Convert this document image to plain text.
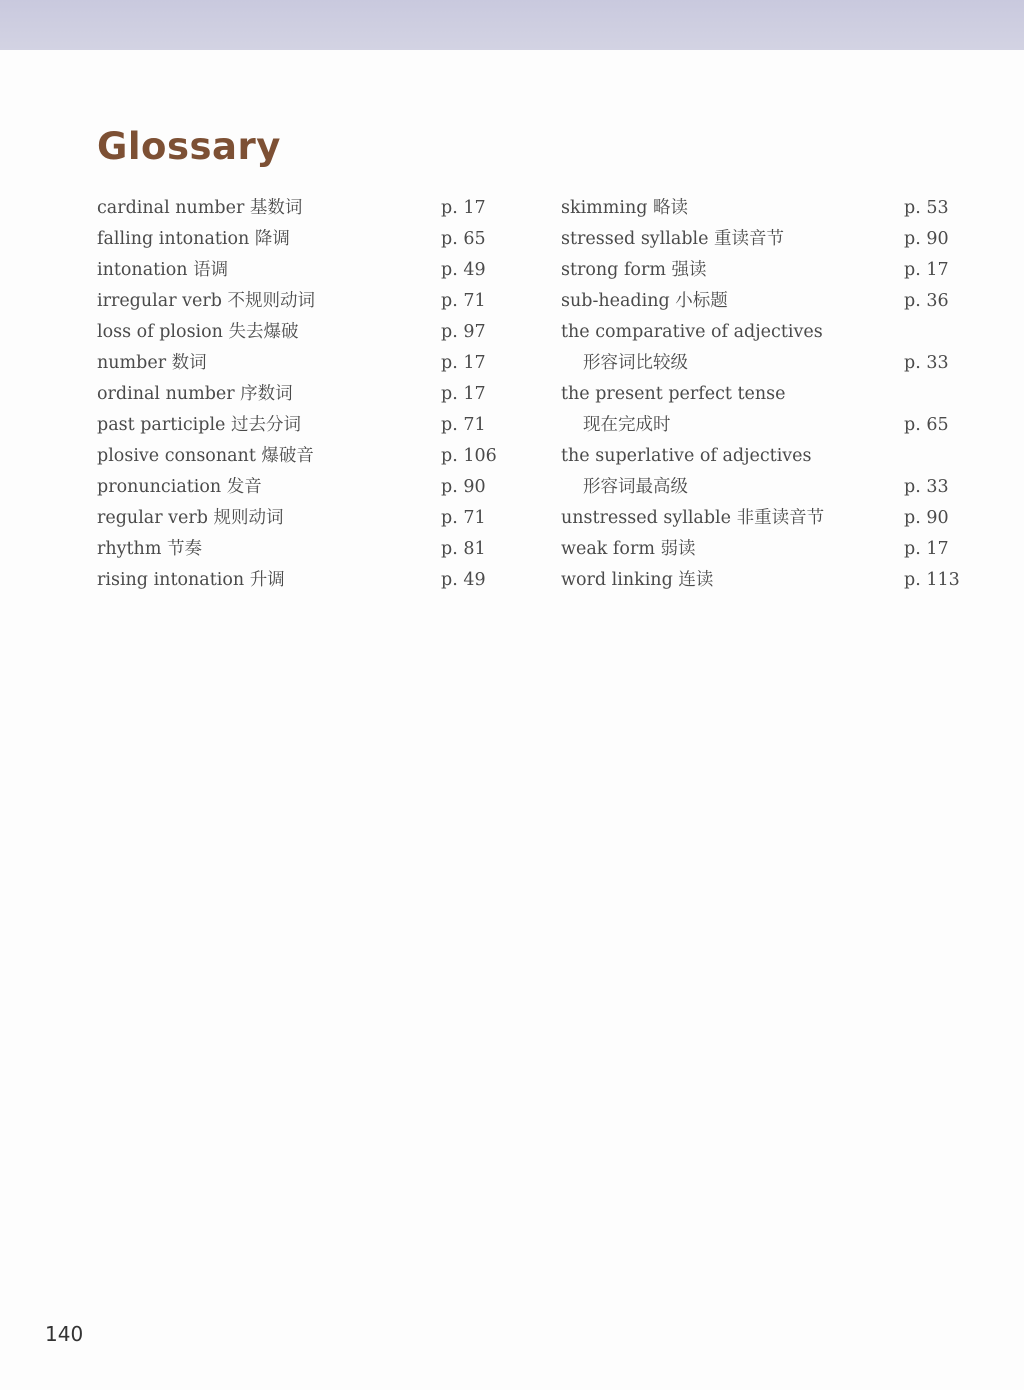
Glossary
cardinal number 基数词	p. 17
falling intonation 降调	p. 65
intonation 语调	p. 49
irregular verb 不规则动词	p. 71
loss of plosion 失去爆破	p. 97
number 数词	p. 17
ordinal number 序数词	p. 17
past participle 过去分词	p. 71
plosive consonant 爆破音	p. 106
pronunciation 发音	p. 90
regular verb 规则动词	p. 71
rhythm 节奏	p. 81
rising intonation 升调	p. 49
skimming 略读	p. 53
stressed syllable 重读音节	p. 90
strong form 强读	p. 17
sub-heading 小标题	p. 36
the comparative of adjectives
形容词比较级	p. 33
the present perfect tense
现在完成时	p. 65
the superlative of adjectives
形容词最高级	p. 33
unstressed syllable 非重读音节	p. 90
weak form 弱读	p. 17
word linking 连读	p. 113

140
